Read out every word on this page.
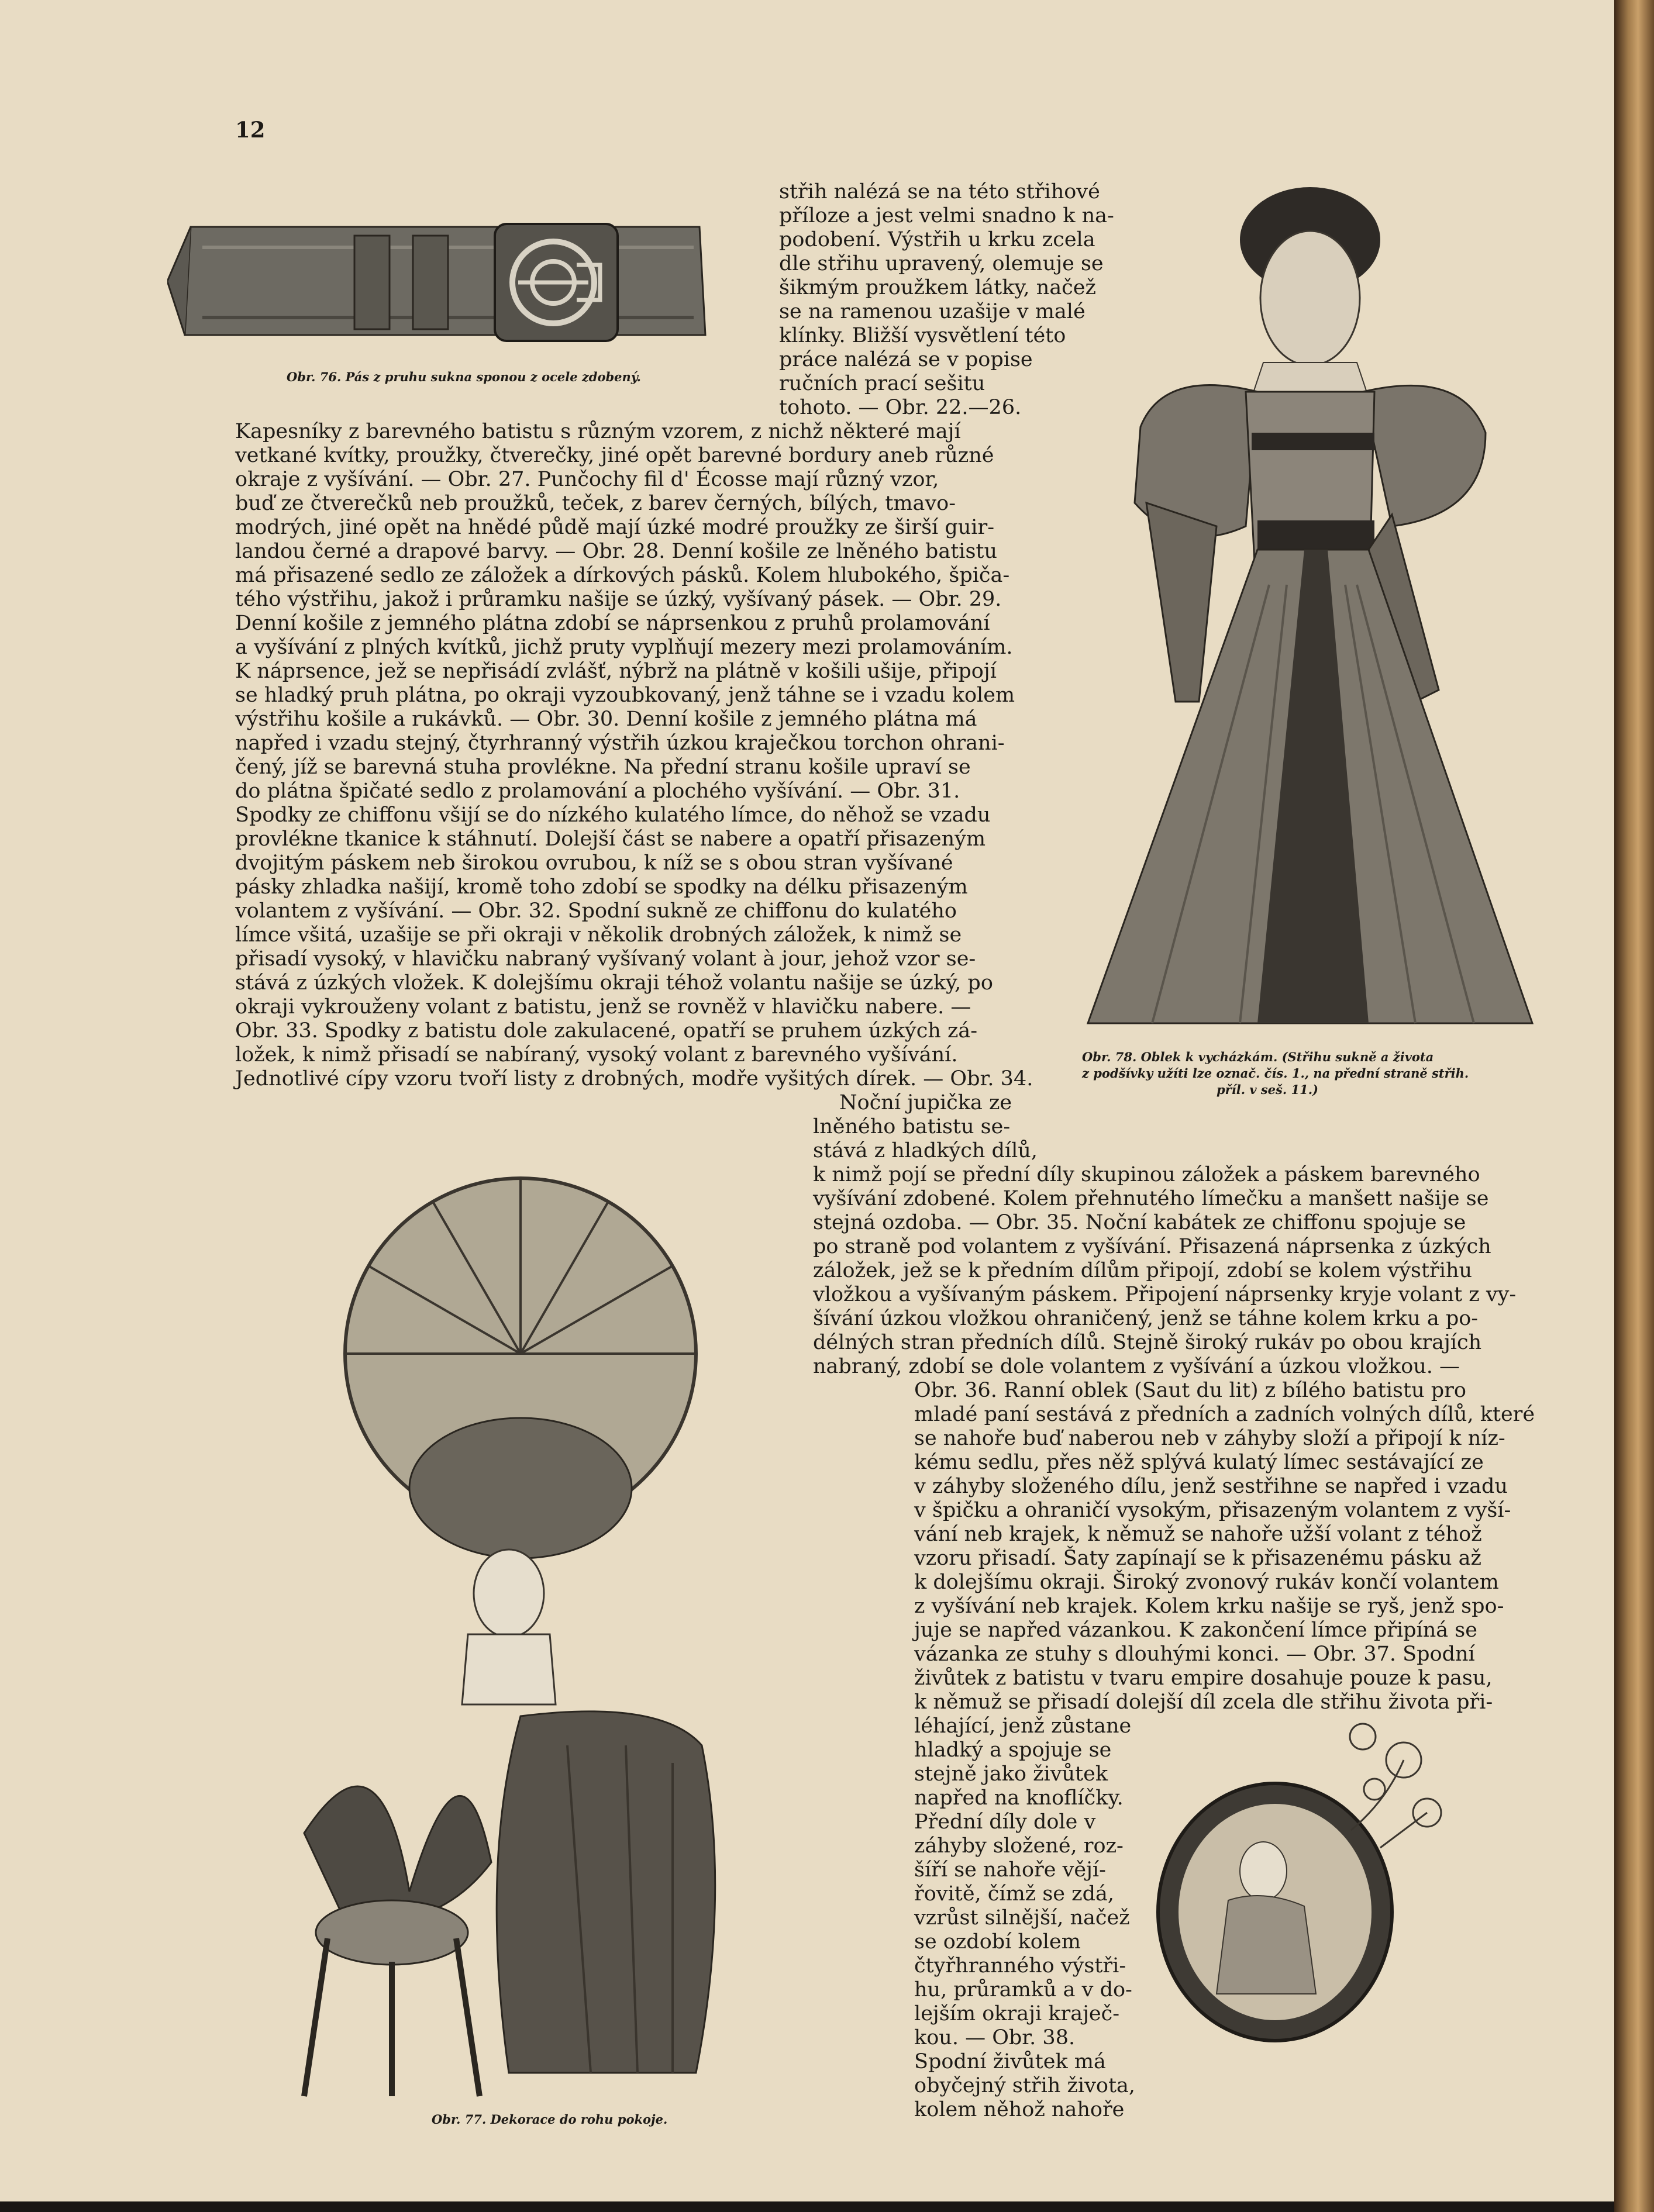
12
Obr. 76. Pás z pruhu sukna sponou z ocele zdobený.
Obr. 77. Dekorace do rohu pokoje.
Obr. 78. Oblek k vycházkám. (Střihu sukně a života
z podšívky užíti lze označ. čís. 1., na přední straně střih.
příl. v seš. 11.)
střih nalézá se na této střihové
příloze a jest velmi snadno k na-
podobení. Výstřih u krku zcela
dle střihu upravený, olemuje se
šikmým proužkem látky, načež
se na ramenou uzašije v malé
klínky. Bližší vysvětlení této
práce nalézá se v popise
ručních prací sešitu
tohoto. — Obr. 22.—26.
Kapesníky z barevného batistu s různým vzorem, z nichž některé mají
vetkané kvítky, proužky, čtverečky, jiné opět barevné bordury aneb různé
okraje z vyšívání. — Obr. 27. Punčochy fil d' Écosse mají různý vzor,
buď ze čtverečků neb proužků, teček, z barev černých, bílých, tmavo-
modrých, jiné opět na hnědé půdě mají úzké modré proužky ze širší guir-
landou černé a drapové barvy. — Obr. 28. Denní košile ze lněného batistu
má přisazené sedlo ze záložek a dírkových pásků. Kolem hlubokého, špiča-
tého výstřihu, jakož i průramku našije se úzký, vyšívaný pásek. — Obr. 29.
Denní košile z jemného plátna zdobí se náprsenkou z pruhů prolamování
a vyšívání z plných kvítků, jichž pruty vyplňují mezery mezi prolamováním.
K náprsence, jež se nepřisádí zvlášť, nýbrž na plátně v košili ušije, připojí
se hladký pruh plátna, po okraji vyzoubkovaný, jenž táhne se i vzadu kolem
výstřihu košile a rukávků. — Obr. 30. Denní košile z jemného plátna má
napřed i vzadu stejný, čtyrhranný výstřih úzkou kraječkou torchon ohrani-
čený, jíž se barevná stuha provlékne. Na přední stranu košile upraví se
do plátna špičaté sedlo z prolamování a plochého vyšívání. — Obr. 31.
Spodky ze chiffonu všijí se do nízkého kulatého límce, do něhož se vzadu
provlékne tkanice k stáhnutí. Dolejší část se nabere a opatří přisazeným
dvojitým páskem neb širokou ovrubou, k níž se s obou stran vyšívané
pásky zhladka našijí, kromě toho zdobí se spodky na délku přisazeným
volantem z vyšívání. — Obr. 32. Spodní sukně ze chiffonu do kulatého
límce všitá, uzašije se při okraji v několik drobných záložek, k nimž se
přisadí vysoký, v hlavičku nabraný vyšívaný volant à jour, jehož vzor se-
stává z úzkých vložek. K dolejšímu okraji téhož volantu našije se úzký, po
okraji vykrouženy volant z batistu, jenž se rovněž v hlavičku nabere. —
Obr. 33. Spodky z batistu dole zakulacené, opatří se pruhem úzkých zá-
ložek, k nimž přisadí se nabíraný, vysoký volant z barevného vyšívání.
Jednotlivé cípy vzoru tvoří listy z drobných, modře vyšitých dírek. — Obr. 34.
Noční jupička ze
lněného batistu se-
stává z hladkých dílů,
k nimž pojí se přední díly skupinou záložek a páskem barevného
vyšívání zdobené. Kolem přehnutého límečku a manšett našije se
stejná ozdoba. — Obr. 35. Noční kabátek ze chiffonu spojuje se
po straně pod volantem z vyšívání. Přisazená náprsenka z úzkých
záložek, jež se k předním dílům připojí, zdobí se kolem výstřihu
vložkou a vyšívaným páskem. Připojení náprsenky kryje volant z vy-
šívání úzkou vložkou ohraničený, jenž se táhne kolem krku a po-
délných stran předních dílů. Stejně široký rukáv po obou krajích
nabraný, zdobí se dole volantem z vyšívání a úzkou vložkou. —
Obr. 36. Ranní oblek (Saut du lit) z bílého batistu pro
mladé paní sestává z předních a zadních volných dílů, které
se nahoře buď naberou neb v záhyby složí a připojí k níz-
kému sedlu, přes něž splývá kulatý límec sestávající ze
v záhyby složeného dílu, jenž sestřihne se napřed i vzadu
v špičku a ohraničí vysokým, přisazeným volantem z vyší-
vání neb krajek, k němuž se nahoře užší volant z téhož
vzoru přisadí. Šaty zapínají se k přisazenému pásku až
k dolejšímu okraji. Široký zvonový rukáv končí volantem
z vyšívání neb krajek. Kolem krku našije se ryš, jenž spo-
juje se napřed vázankou. K zakončení límce připíná se
vázanka ze stuhy s dlouhými konci. — Obr. 37. Spodní
živůtek z batistu v tvaru empire dosahuje pouze k pasu,
k němuž se přisadí dolejší díl zcela dle střihu života při-
léhající, jenž zůstane
hladký a spojuje se
stejně jako živůtek
napřed na knoflíčky.
Přední díly dole v
záhyby složené, roz-
šíří se nahoře vějí-
řovitě, čímž se zdá,
vzrůst silnější, načež
se ozdobí kolem
čtyřhranného výstři-
hu, průramků a v do-
lejším okraji kraječ-
kou. — Obr. 38.
Spodní živůtek má
obyčejný střih života,
kolem něhož nahoře
